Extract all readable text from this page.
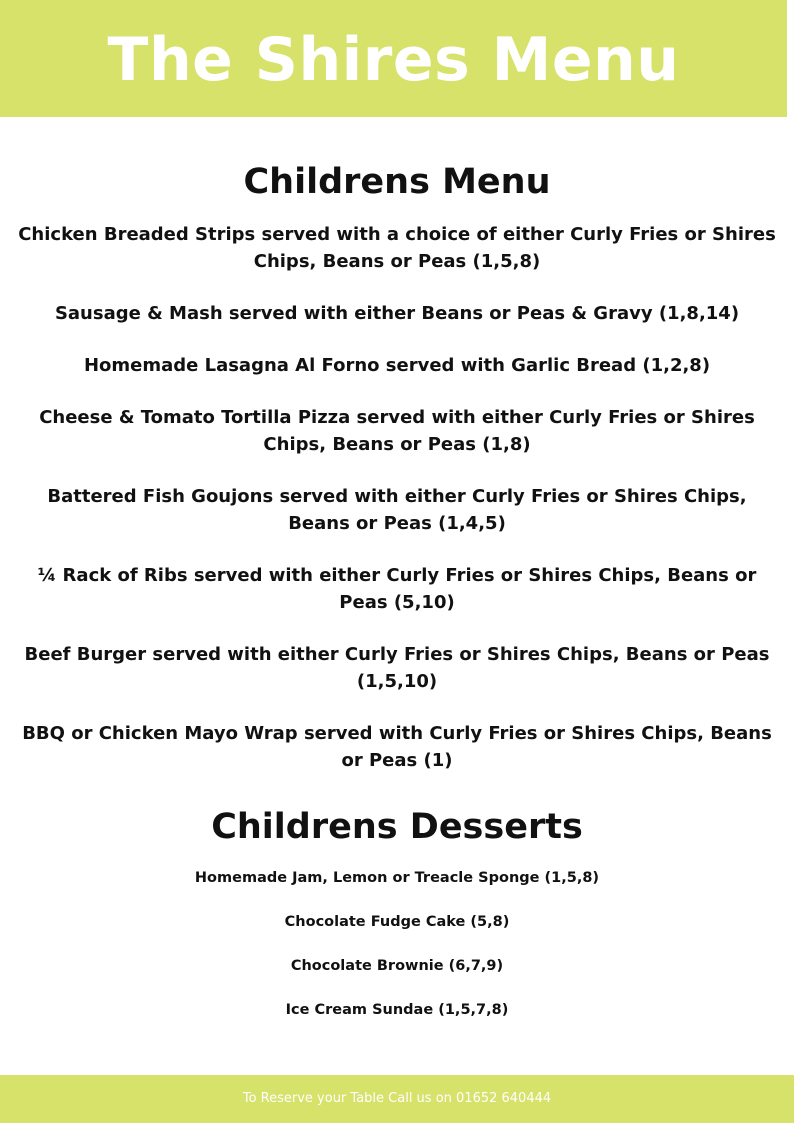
The Shires Menu
Childrens Menu
Chicken Breaded Strips served with a choice of either Curly Fries or Shires Chips, Beans or Peas (1,5,8)
Sausage & Mash served with either Beans or Peas & Gravy (1,8,14)
Homemade Lasagna Al Forno served with Garlic Bread (1,2,8)
Cheese & Tomato Tortilla Pizza served with either Curly Fries or Shires Chips, Beans or Peas (1,8)
Battered Fish Goujons served with either Curly Fries or Shires Chips, Beans or Peas (1,4,5)
¼ Rack of Ribs served with either Curly Fries or Shires Chips, Beans or Peas (5,10)
Beef Burger served with either Curly Fries or Shires Chips, Beans or Peas (1,5,10)
BBQ or Chicken Mayo Wrap served with Curly Fries or Shires Chips, Beans or Peas (1)
Childrens Desserts
Homemade Jam, Lemon or Treacle Sponge (1,5,8)
Chocolate Fudge Cake (5,8)
Chocolate Brownie (6,7,9)
Ice Cream Sundae (1,5,7,8)
To Reserve your Table Call us on 01652 640444
